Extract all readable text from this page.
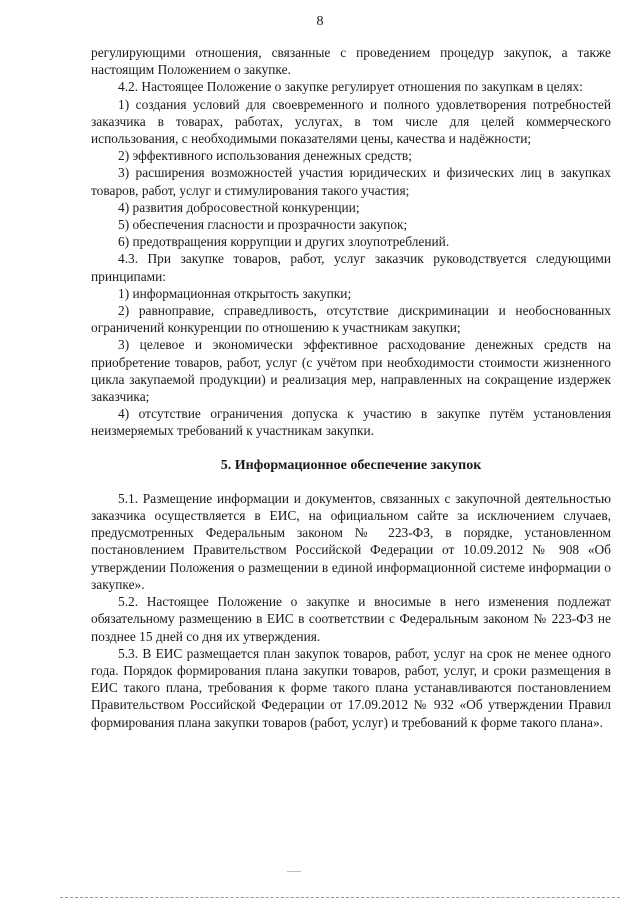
8

регулирующими отношения, связанные с проведением процедур закупок, а также настоящим Положением о закупке.

4.2. Настоящее Положение о закупке регулирует отношения по закупкам в целях:

1) создания условий для своевременного и полного удовлетворения потребностей заказчика в товарах, работах, услугах, в том числе для целей коммерческого использования, с необходимыми показателями цены, качества и надёжности;

2) эффективного использования денежных средств;

3) расширения возможностей участия юридических и физических лиц в закупках товаров, работ, услуг и стимулирования такого участия;

4) развития добросовестной конкуренции;

5) обеспечения гласности и прозрачности закупок;

6) предотвращения коррупции и других злоупотреблений.

4.3. При закупке товаров, работ, услуг заказчик руководствуется следующими принципами:

1) информационная открытость закупки;

2) равноправие, справедливость, отсутствие дискриминации и необоснованных ограничений конкуренции по отношению к участникам закупки;

3) целевое и экономически эффективное расходование денежных средств на приобретение товаров, работ, услуг (с учётом при необходимости стоимости жизненного цикла закупаемой продукции) и реализация мер, направленных на сокращение издержек заказчика;

4) отсутствие ограничения допуска к участию в закупке путём установления неизмеряемых требований к участникам закупки.

5. Информационное обеспечение закупок

5.1. Размещение информации и документов, связанных с закупочной деятельностью заказчика осуществляется в ЕИС, на официальном сайте за исключением случаев, предусмотренных Федеральным законом № 223-ФЗ, в порядке, установленном постановлением Правительством Российской Федерации от 10.09.2012 № 908 «Об утверждении Положения о размещении в единой информационной системе информации о закупке».

5.2. Настоящее Положение о закупке и вносимые в него изменения подлежат обязательному размещению в ЕИС в соответствии с Федеральным законом № 223-ФЗ не позднее 15 дней со дня их утверждения.

5.3. В ЕИС размещается план закупок товаров, работ, услуг на срок не менее одного года. Порядок формирования плана закупки товаров, работ, услуг, и сроки размещения в ЕИС такого плана, требования к форме такого плана устанавливаются постановлением Правительством Российской Федерации от 17.09.2012 № 932 «Об утверждении Правил формирования плана закупки товаров (работ, услуг) и требований к форме такого плана».
